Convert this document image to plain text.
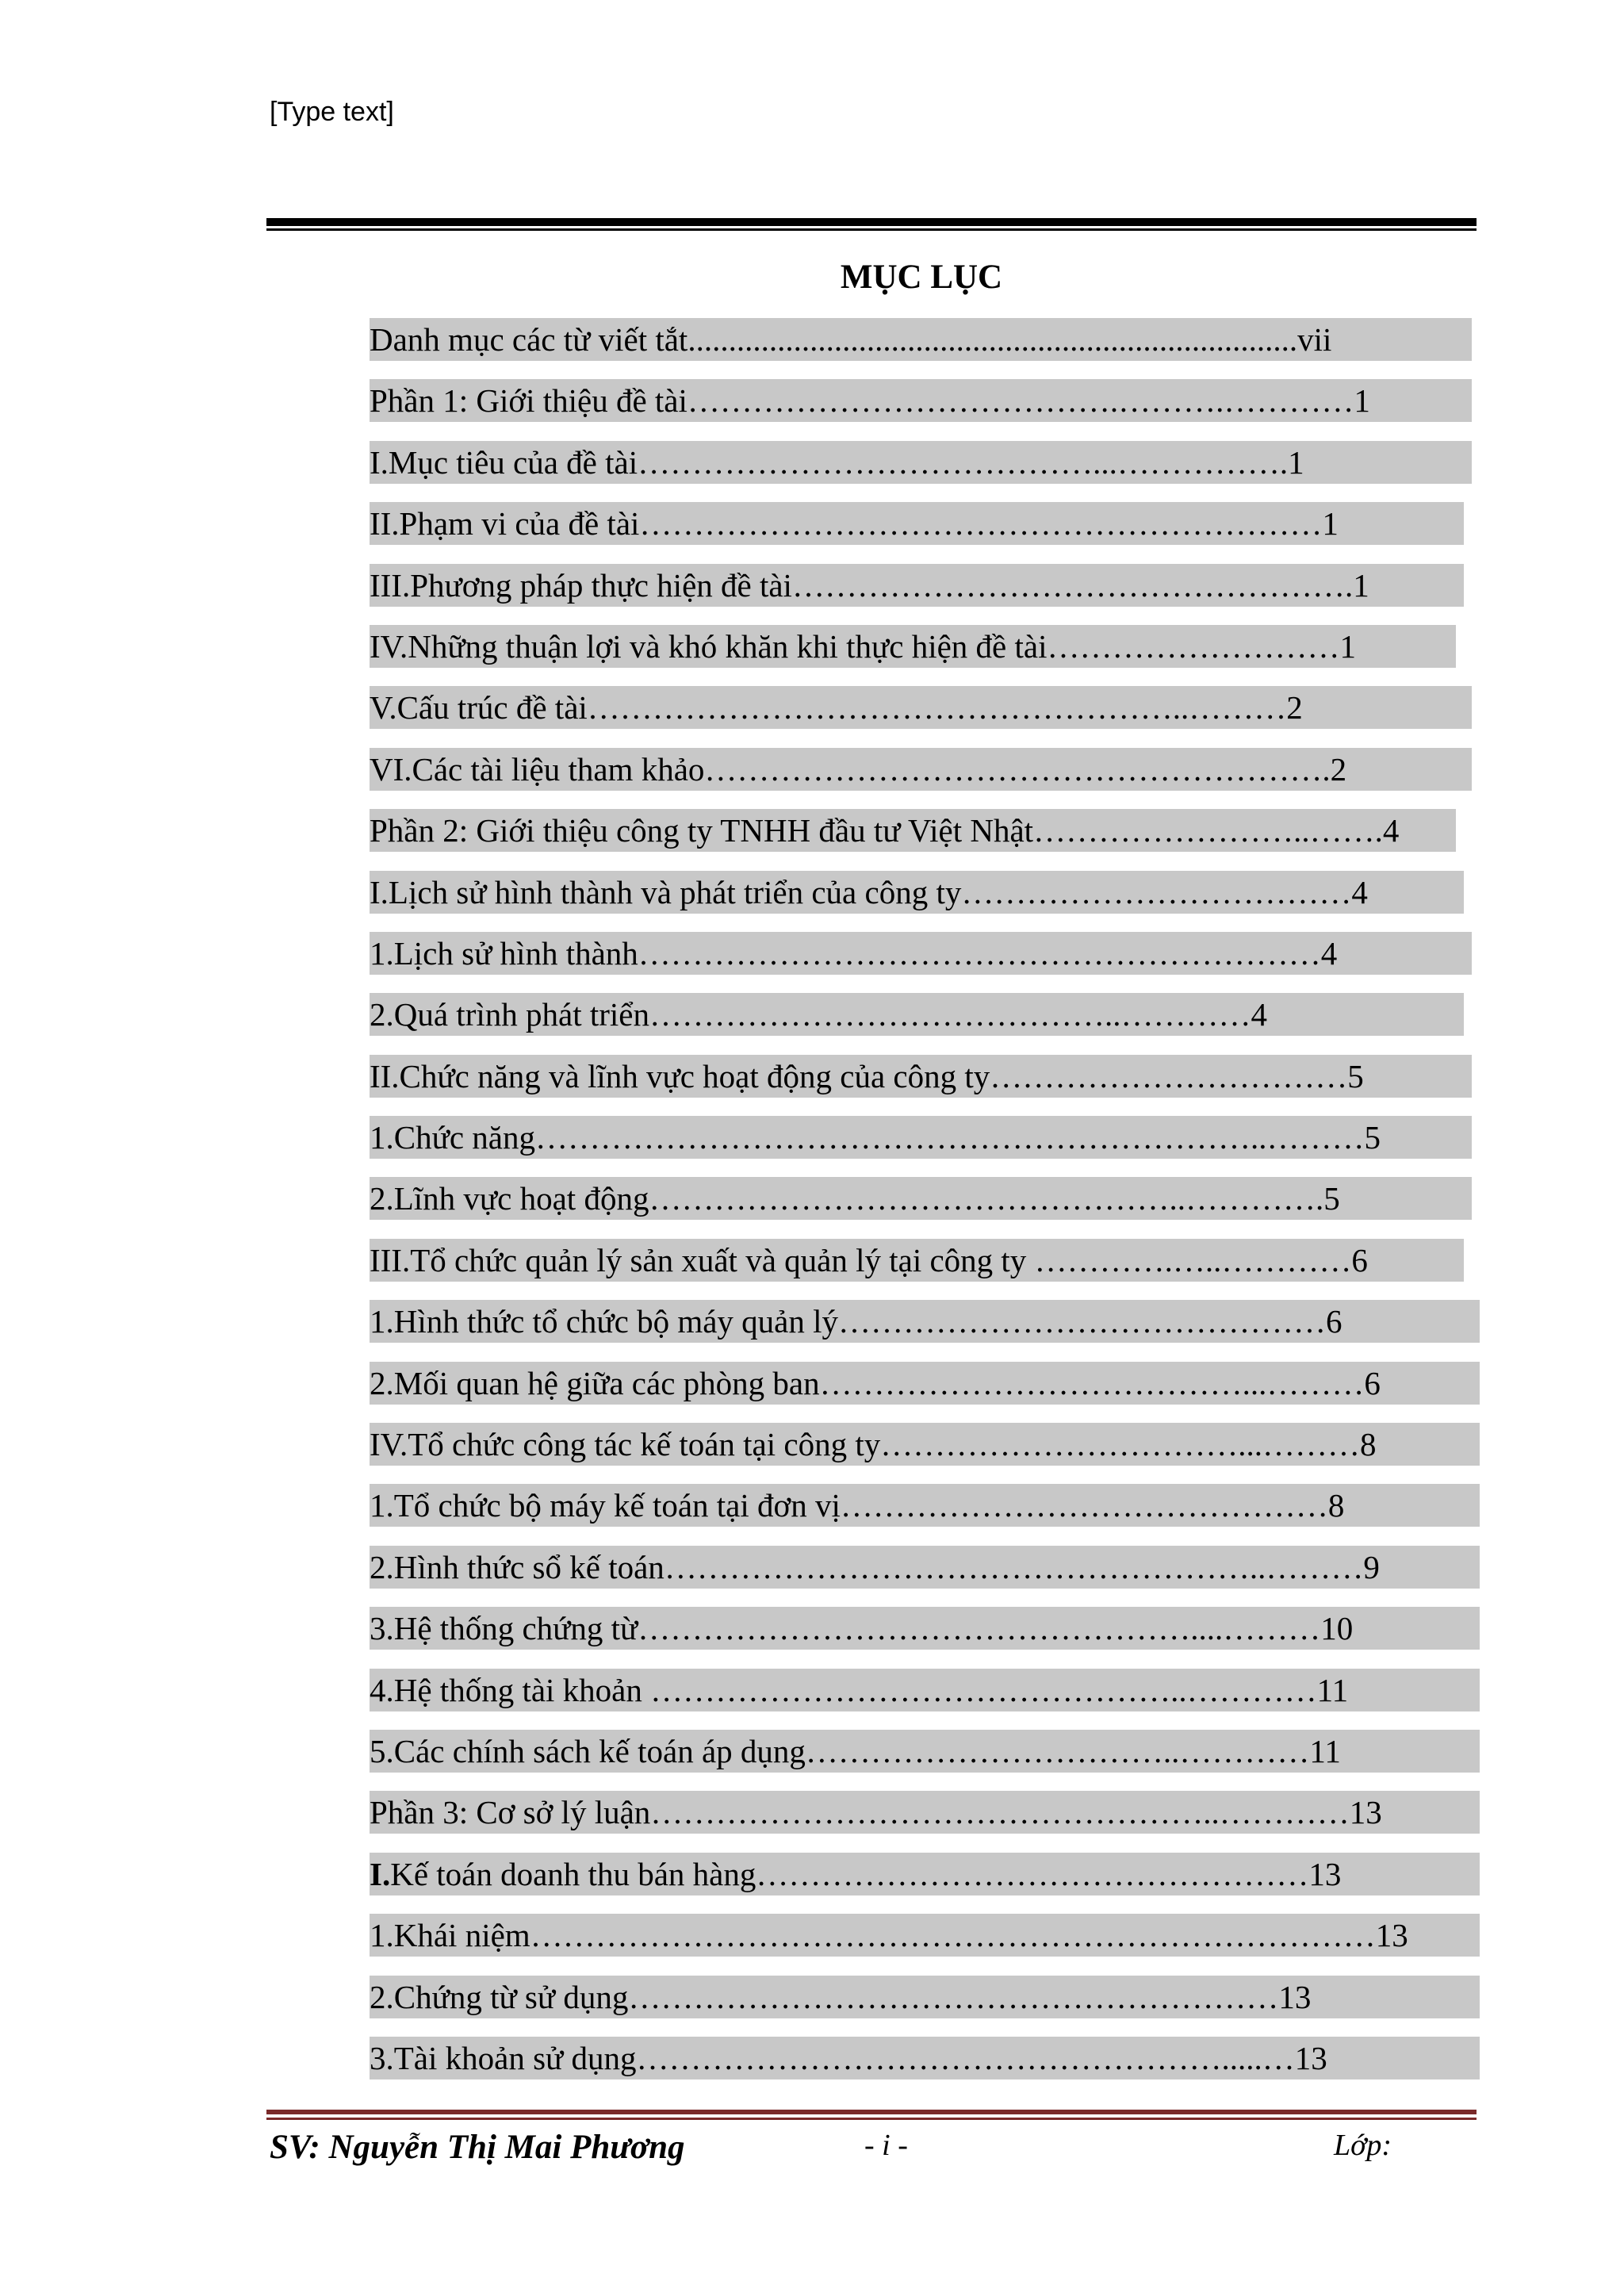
[Type text]
MỤC LỤC
Danh mục các từ viết tắt...........................................................................vii
Phần 1: Giới thiệu đề tài………………………………….……….…………1
I.Mục tiêu của đề tài……………………………………...…………….1
II.Phạm vi của đề tài………………………………………………………1
III.Phương pháp thực hiện đề tài…………………………………………….1
IV.Những thuận lợi và khó khăn khi thực hiện đề tài………………………1
V.Cấu trúc đề tài………………………………………………..………2
VI.Các tài liệu tham khảo………………………………………………….2
Phần 2: Giới thiệu công ty TNHH đầu tư Việt Nhật……………………..…….4
I.Lịch sử hình thành và phát triển của công ty………………………………4
1.Lịch sử hình thành………………………………………………………4
2.Quá trình phát triển……………………………………..…………4
II.Chức năng và lĩnh vực hoạt động của công ty……………………………5
1.Chức năng…………………………………………………………..………5
2.Lĩnh vực hoạt động…………………………………………..………….5
III.Tổ chức quản lý sản xuất và quản lý tại công ty ………….…..…………6
1.Hình thức tổ chức bộ máy quản lý………………………………………6
2.Mối quan hệ giữa các phòng ban…………………………………...………6
IV.Tổ chức công tác kế toán tại công ty……………………………...………8
1.Tổ chức bộ máy kế toán tại đơn vị………………………………………8
2.Hình thức sổ kế toán………………………………………………..………9
3.Hệ thống chứng từ……………………………………………....………10
4.Hệ thống tài khoản …………………………………………..…………11
5.Các chính sách kế toán áp dụng……………………………..…………11
Phần 3: Cơ sở lý luận……………………………………………..…………13
I.Kế toán doanh thu bán hàng……………………………………………13
1.Khái niệm……………………………………………………………………13
2.Chứng từ sử dụng……………………………………………………13
3.Tài khoản sử dụng……………………………………………….....…13
SV: Nguyễn Thị Mai Phương	- i -	Lớp:
